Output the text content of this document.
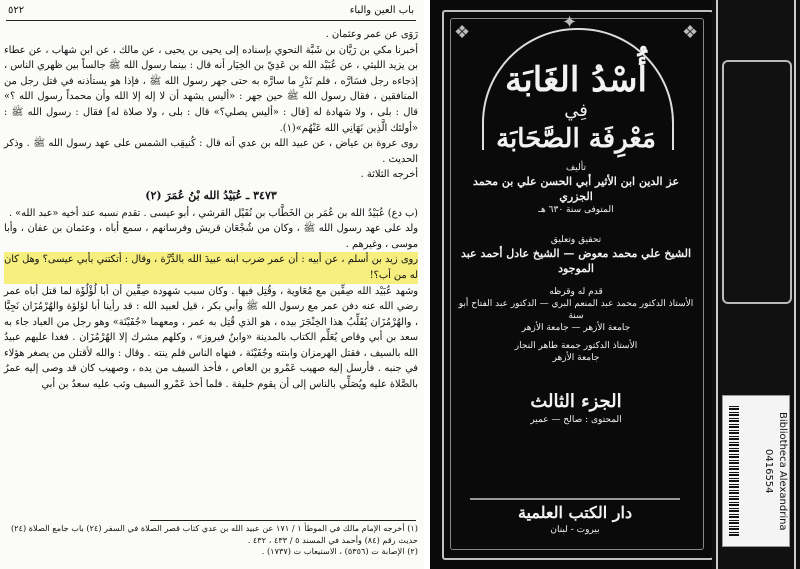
٥٢٢	باب العين والباء

رَوَى عن عمر وعثمان .

أخبرنا مكي بن رَيَّان بن شَبَّة النحوي بإسناده إلى يحيى بن يحيى ، عن مالك ، عن ابن شهاب ، عن عطاء بن يزيد الليثي ، عن عُبَيْد الله بن عَدِيّ بن الخِيَار أنه قال : بينما رسول الله ﷺ جالساً بين ظهري الناس ، إذجاءه رجل فسَارَّه ، فلم نَدْرِ ما سارَّه به حتى جهر رسول الله ﷺ ، فإذا هو يستأذنه في قتل رجل من المنافقين ، فقال رسول الله ﷺ حين جهر : «أليس يشهد أن لا إله إلا الله وأن محمداً رسول الله ؟» قال : بلى ، ولا شهادة له [قال : «أليس يصلي؟» قال : بلى ، ولا صلاة له] فقال : رسول الله ﷺ : «أولئك الَّذِين نَهَانِي الله عَنْهُم»(١).

روى عروة بن عياض ، عن عبيد الله بن عدي أنه قال : كُنيقِب الشمس على عهد رسول الله ﷺ . وذكر الحديث .

أخرجه الثلاثة .

٣٤٧٣ ـ عُبَيْدُ الله بْنُ عُمَرَ (٢)

(ب دع) عُبَيْدُ الله بن عُمَر بن الخَطَّاب بن نُفَيْل القرشي ، أبو عيسى . تقدم نسبه عند أخيه «عبد الله» .

ولد على عهد رسول الله ﷺ ، وكان من شُجْعَان قريش وفرسانهم ، سمع أباه ، وعثمان بن عفان ، وأبا موسى ، وغيرهم .

روى زيد بن أسلم ، عن أبيه : أن عمر ضرب ابنه عبيدَ الله بالدِّرَّة ، وقال : أتكتني بأبي عيسى؟ وهل كان له من أب؟!

وشهد عُبَيْد الله صِفِّين مع مُعَاوية ، وقُتِل فيها . وكان سبب شهوده صِفِّين أن أبا لُؤْلُؤَة لما قتل أباه عمر رضي الله عنه دفن عمر مع رسول الله ﷺ وأبي بكر ، قيل لعبيد الله : قد رأينا أبا لؤلؤة والهُرْمُزَان نَجِيَّا ، والهُرْمُزَان يُقَلِّبُ هذا الخِنْجَرَ بيده ، هو الذي قُتِل به عمر ، ومعهما «جُفَيْنَة» وهو رجل من العباد جاء به سعد بن أبي وقاص يُعَلِّم الكتاب بالمدينة «وابنُ فيروز» ، وكلهم مشرك إلا الهُرْمُزَان . فغدا عليهم عبيدُ الله بالسيف ، فقتل الهرمزان وابنته وجُفَيْنَة ، فنهاه الناس فلم ينته . وقال : والله لأقتلن من يصغر هؤلاء في جنبه . فأرسل إليه صهيب عَمْرو بن العاص ، فأخذ السيف من يده ، وصهيب كان قد وصى إليه عمرُ بالصَّلاة عليه ويُصَلِّي بالناس إلى أن يقوم خليفة . فلما أخذ عَمْرو السيف وثب عليه سعدُ بن أبي

(١) أخرجه الإمام مالك في الموطأ ١ / ١٧١ عن عبيد الله بن عدي كتاب قصر الصلاة في السفر (٢٤) باب جامع الصلاة (٢٤) حديث رقم (٨٤) وأحمد في المسند ٥ / ٤٣٣ ، ٤٣٢ .

(٢) الإصابة ت (٥٣٥٦) ، الاستيعاب ت (١٧٣٧) .

✦
❖	❖

أُسْدُ الغَابَة

فِي

مَعْرِفَة الصَّحَابَة

تأليف

عز الدين ابن الأثير أبي الحسن علي بن محمد الجزري

المتوفى سنة ٦٣٠ هـ

تحقيق وتعليق

الشيخ علي محمد معوض — الشيخ عادل أحمد عبد الموجود

قدم له وقرظه

الأستاذ الدكتور محمد عبد المنعم البري — الدكتور عبد الفتاح أبو سنة

جامعة الأزهر — جامعة الأزهر

الأستاذ الدكتور جمعة طاهر النجار

جامعة الأزهر

الجزء الثالث

المحتوى : صالح — عمير

دار الكتب العلمية

بيروت - لبنان	Bibliotheca Alexandrina
0416554
